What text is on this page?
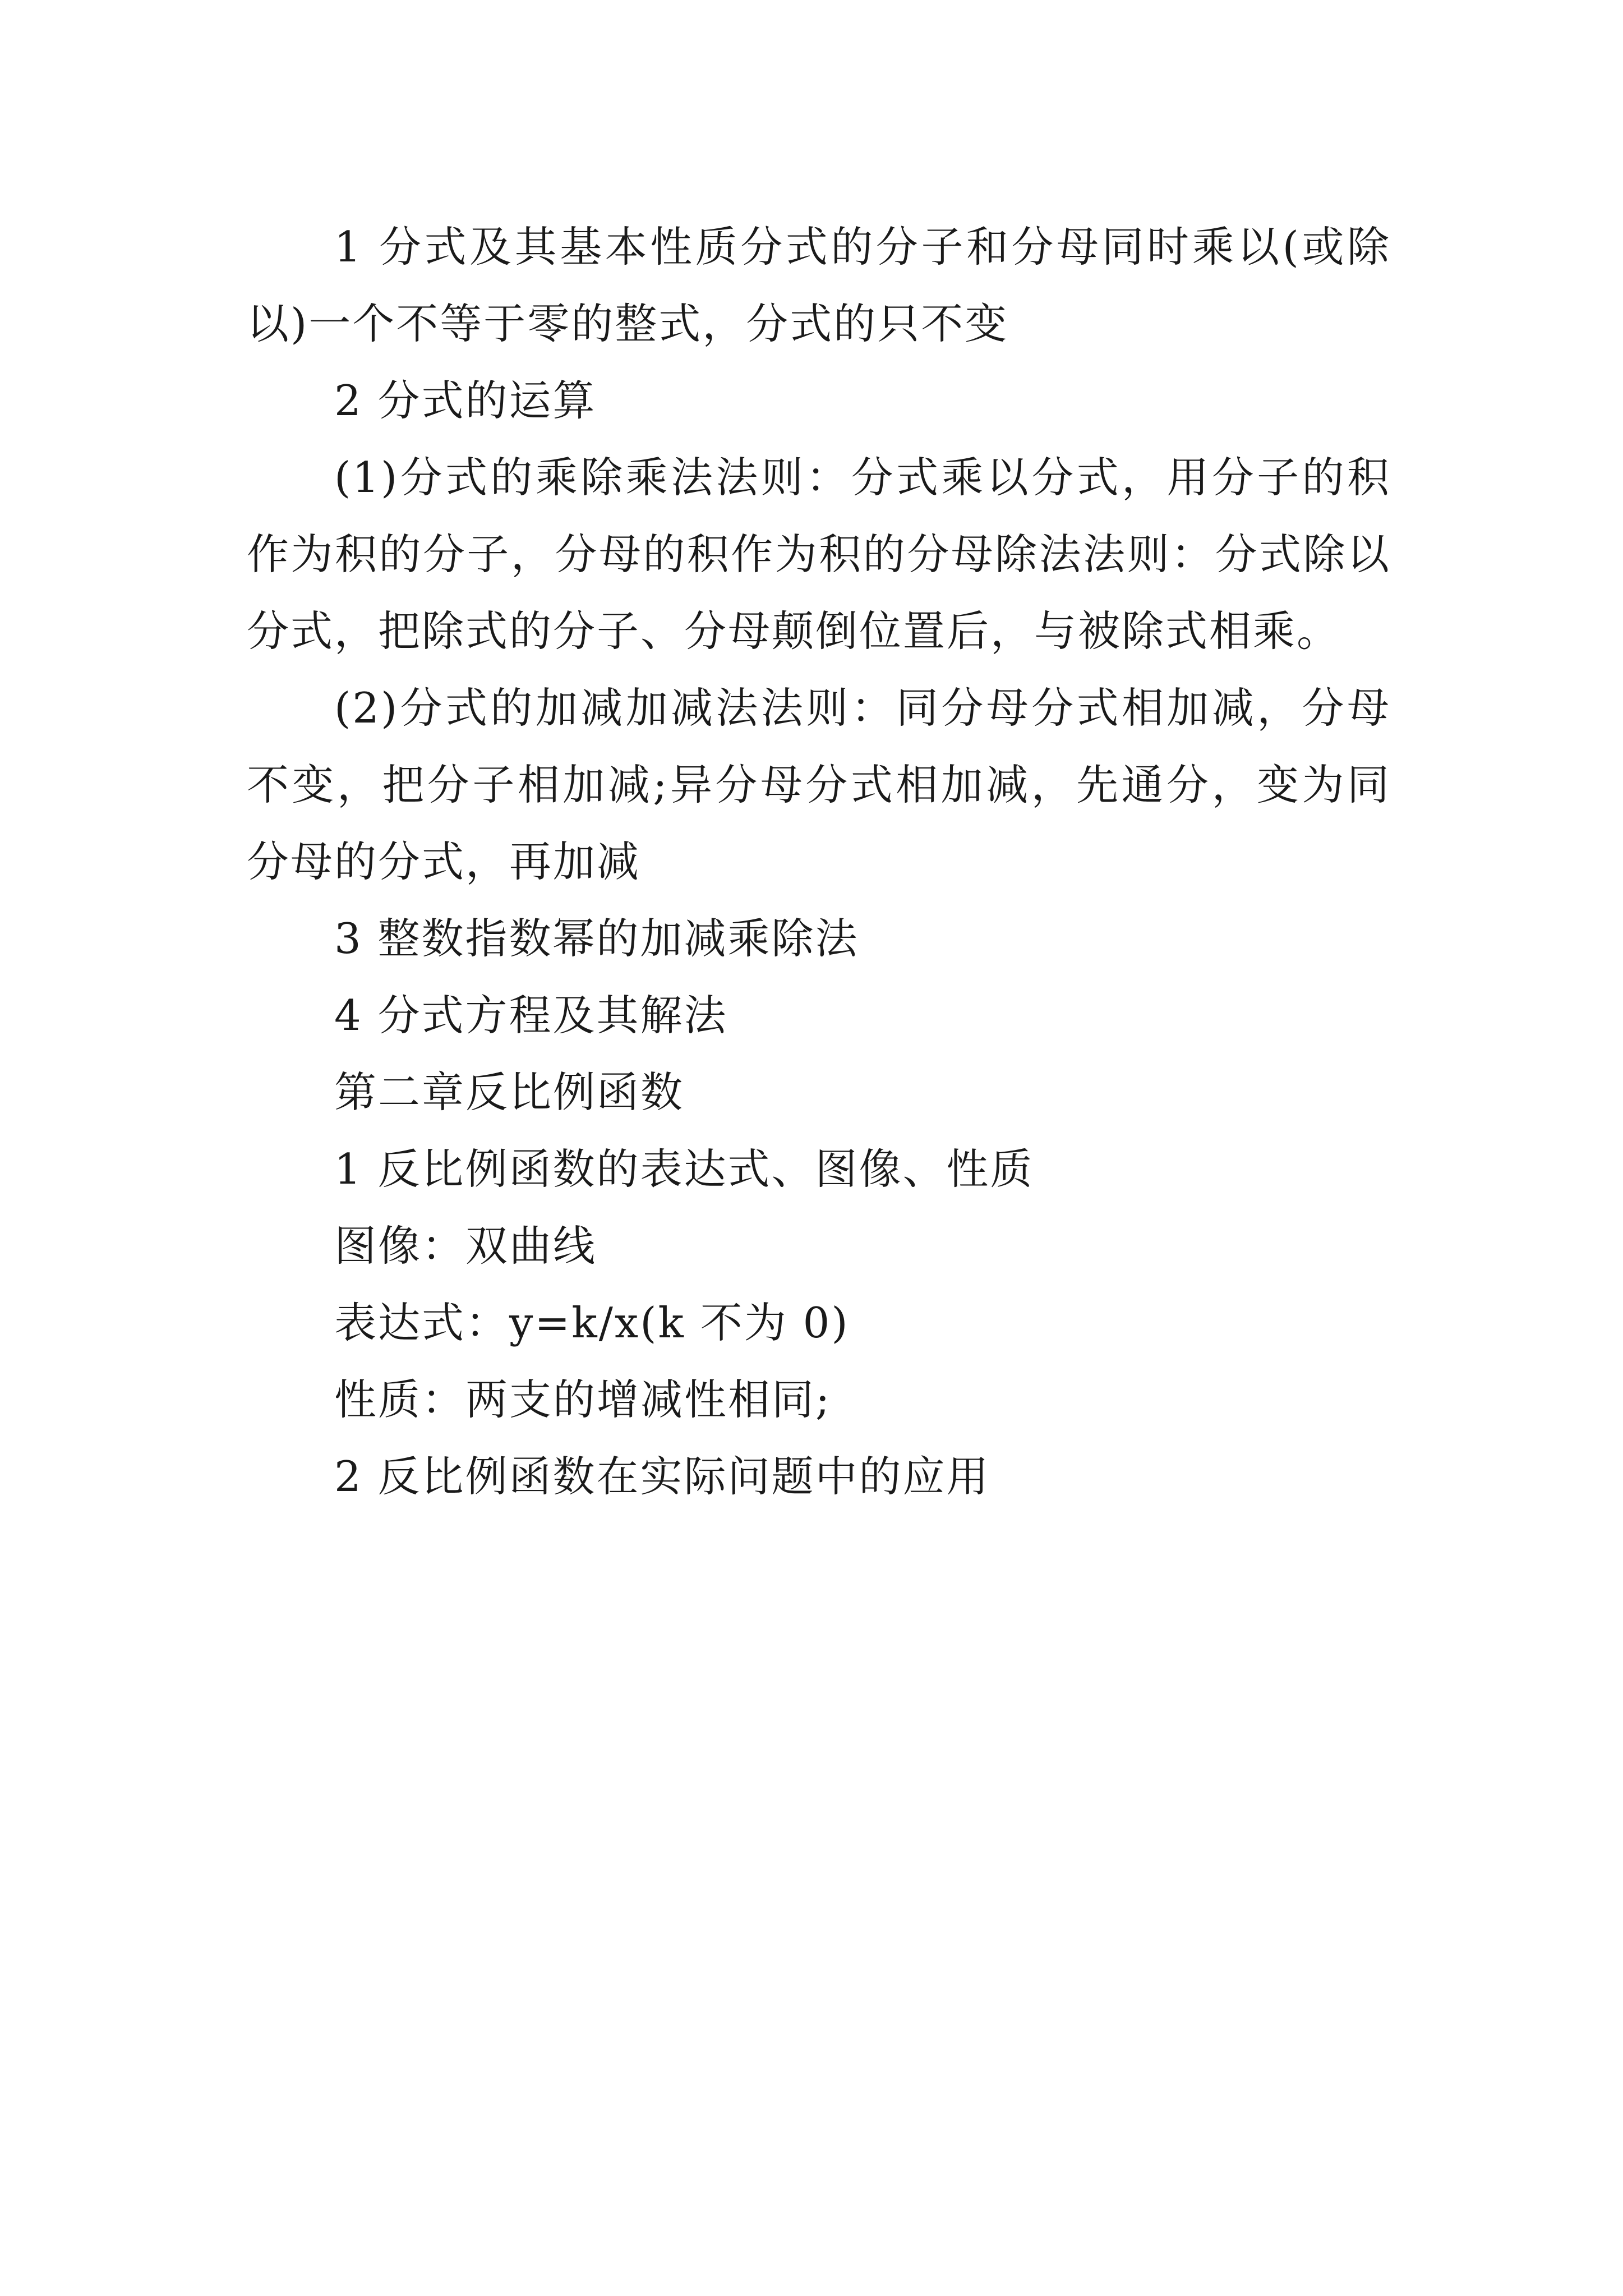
1 分式及其基本性质分式的分子和分母同时乘以(或除以)一个不等于零的整式，分式的只不变

2 分式的运算

(1)分式的乘除乘法法则：分式乘以分式，用分子的积作为积的分子，分母的积作为积的分母除法法则：分式除以分式，把除式的分子、分母颠倒位置后，与被除式相乘。

(2)分式的加减加减法法则：同分母分式相加减，分母不变，把分子相加减;异分母分式相加减，先通分，变为同分母的分式，再加减

3 整数指数幂的加减乘除法

4 分式方程及其解法

第二章反比例函数

1 反比例函数的表达式、图像、性质

图像：双曲线

表达式：y=k/x(k 不为 0)

性质：两支的增减性相同;

2 反比例函数在实际问题中的应用
